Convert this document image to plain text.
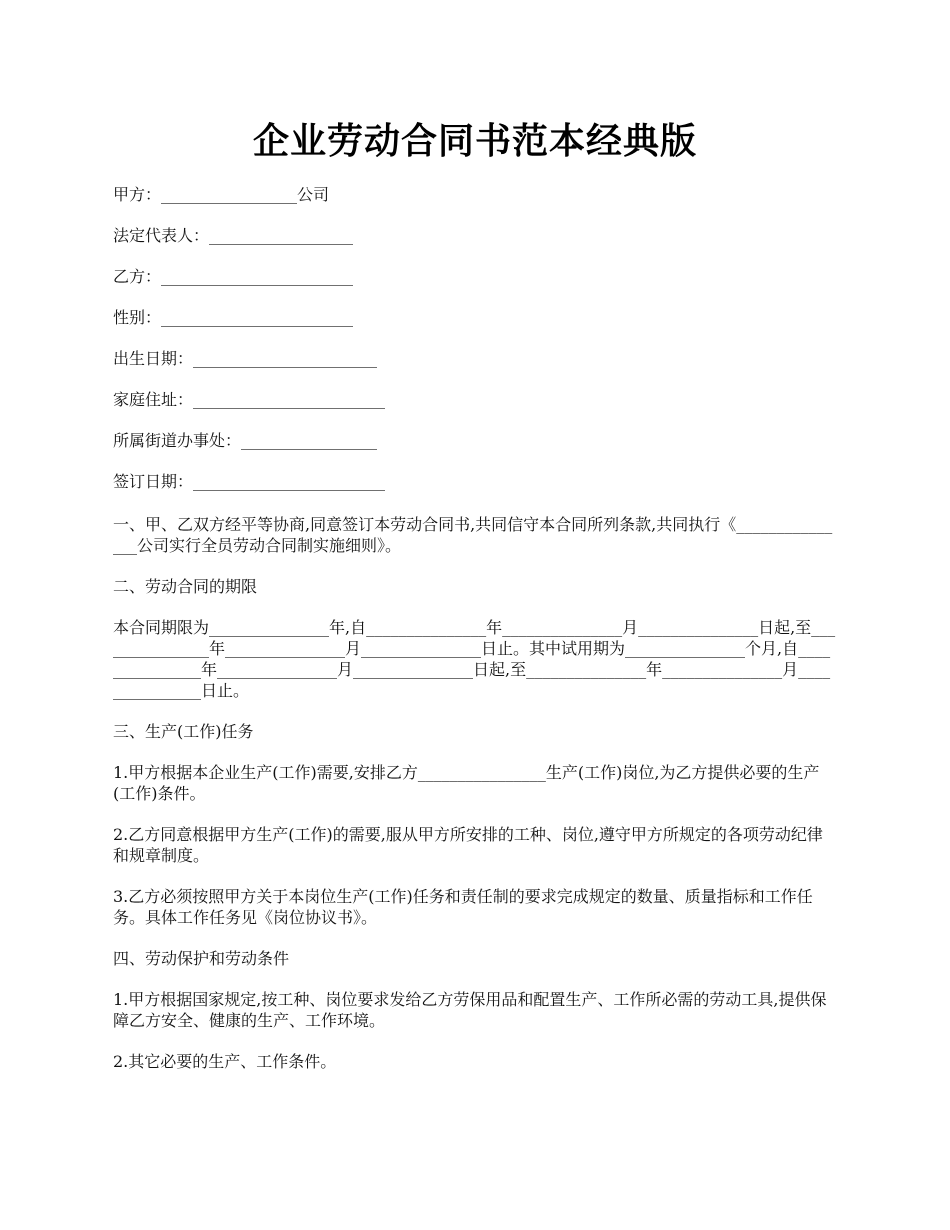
企业劳动合同书范本经典版

甲方：_________________公司

法定代表人：__________________

乙方：________________________

性别：________________________

出生日期：_______________________

家庭住址：________________________

所属街道办事处：_________________

签订日期：________________________

一、甲、乙双方经平等协商,同意签订本劳动合同书,共同信守本合同所列条款,共同执行《_______________公司实行全员劳动合同制实施细则》。

二、劳动合同的期限

本合同期限为_______________年,自_______________年_______________月_______________日起,至_______________年_______________月_______________日止。其中试用期为_______________个月,自_______________年_______________月_______________日起,至_______________年_______________月_______________日止。

三、生产(工作)任务

1.甲方根据本企业生产(工作)需要,安排乙方________________生产(工作)岗位,为乙方提供必要的生产(工作)条件。

2.乙方同意根据甲方生产(工作)的需要,服从甲方所安排的工种、岗位,遵守甲方所规定的各项劳动纪律和规章制度。

3.乙方必须按照甲方关于本岗位生产(工作)任务和责任制的要求完成规定的数量、质量指标和工作任务。具体工作任务见《岗位协议书》。

四、劳动保护和劳动条件

1.甲方根据国家规定,按工种、岗位要求发给乙方劳保用品和配置生产、工作所必需的劳动工具,提供保障乙方安全、健康的生产、工作环境。

2.其它必要的生产、工作条件。
